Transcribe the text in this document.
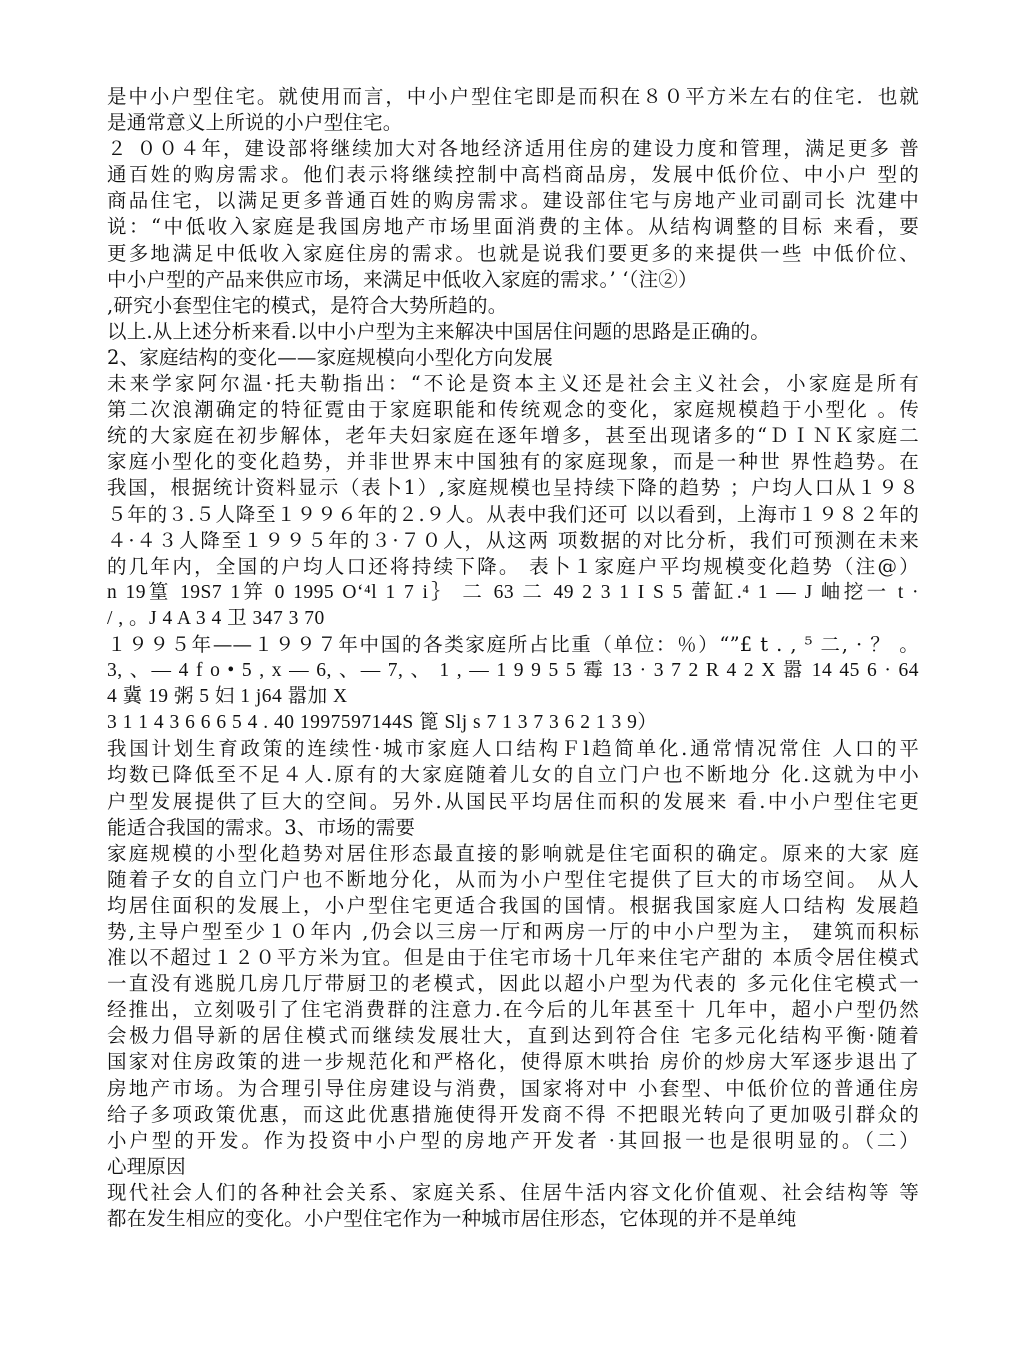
是中小户型住宅。就使用而言，中小户型住宅即是而积在８０平方米左右的住宅．也就
是通常意义上所说的小户型住宅。
２ ００４年，建设部将继续加大对各地经济适用住房的建设力度和管理，满足更多 普
通百姓的购房需求。他们表示将继续控制中高档商品房，发展中低价位、中小户 型的
商品住宅，以满足更多普通百姓的购房需求。建设部住宅与房地产业司副司长 沈建中
说：“中低收入家庭是我国房地产市场里面消费的主体。从结构调整的目标 来看，要
更多地满足中低收入家庭住房的需求。也就是说我们要更多的来提供一些 中低价位、
中小户型的产品来供应市场，来满足中低收入家庭的需求。’ ‘（注②）
,研究小套型住宅的模式，是符合大势所趋的。
以上.从上述分析来看.以中小户型为主来解决中国居住问题的思路是正确的。
2、家庭结构的变化——家庭规模向小型化方向发展
未来学家阿尔温·托夫勒指出：“不论是资本主义还是社会主义社会，小家庭是所有
第二次浪潮确定的特征霓由于家庭职能和传统观念的变化，家庭规模趋于小型化 。传
统的大家庭在初步解体，老年夫妇家庭在逐年增多，甚至出现诸多的“ＤＩＮＫ家庭二
家庭小型化的变化趋势，并非世界末中国独有的家庭现象，而是一种世 界性趋势。在
我国，根据统计资料显示（表卜1）,家庭规模也呈持续下降的趋势 ；户均人口从１９８
５年的３.５人降至１９９６年的２.９人。从表中我们还可 以以看到，上海市１９８２年的
４·４３人降至１９９５年的３·７０人，从这两 项数据的对比分析，我们可预测在未来
的几年内，全国的户均人口还将持续下降。 表卜１家庭户平均规模变化趋势（注@）
n 19篁 19S7 1笄 0 1995 O‘⁴l 1 7 i｝ 二 63 二 49 2 3 1 I S 5 蕾缸.⁴ 1 — J 岫挖一 t ·
/ , 。J 4 A 3 4 卫 347 3 70
１９９５年——１９９７年中国的各类家庭所占比重（单位：％）“”£ t . , ⁵ 二, · ？ 。
3, 、— 4 f o • 5 , x — 6, 、— 7, 、 1 , — 1 9 9 5 5 霉 13 · 3 7 2 R 4 2 X 嚣 14 45 6 · 64
4 冀 19 粥 5 妇 1 j64 嚣加 X
3 1 1 4 3 6 6 6 5 4 . 40 1997597144S 篦 Slj s 7 1 3 7 3 6 2 1 3 9）
我国计划生育政策的连续性·城市家庭人口结构Ｆl趋简单化.通常情况常住 人口的平
均数已降低至不足４人.原有的大家庭随着儿女的自立门户也不断地分 化.这就为中小
户型发展提供了巨大的空间。另外.从国民平均居住而积的发展来 看.中小户型住宅更
能适合我国的需求。3、市场的需要
家庭规模的小型化趋势对居住形态最直接的影响就是住宅面积的确定。原来的大家 庭
随着子女的自立门户也不断地分化，从而为小户型住宅提供了巨大的市场空间。 从人
均居住面积的发展上，小户型住宅更适合我国的国情。根据我国家庭人口结构 发展趋
势,主导户型至少１０年内 ,仍会以三房一厅和两房一厅的中小户型为主， 建筑而积标
准以不超过１２０平方米为宜。但是由于住宅市场十几年来住宅产甜的 本质令居住模式
一直没有逃脱几房几厅带厨卫的老模式，因此以超小户型为代表的 多元化住宅模式一
经推出，立刻吸引了住宅消费群的注意力.在今后的儿年甚至十 几年中，超小户型仍然
会极力倡导新的居住模式而继续发展壮大，直到达到符合住 宅多元化结构平衡·随着
国家对住房政策的进一步规范化和严格化，使得原木哄抬 房价的炒房大军逐步退出了
房地产市场。为合理引导住房建设与消费，国家将对中 小套型、中低价位的普通住房
给子多项政策优惠，而这此优惠措施使得开发商不得 不把眼光转向了更加吸引群众的
小户型的开发。作为投资中小户型的房地产开发者 ·其回报一也是很明显的。（二）
心理原因
现代社会人们的各种社会关系、家庭关系、住居牛活内容文化价值观、社会结构等 等
都在发生相应的变化。小户型住宅作为一种城市居住形态，它体现的并不是单纯
